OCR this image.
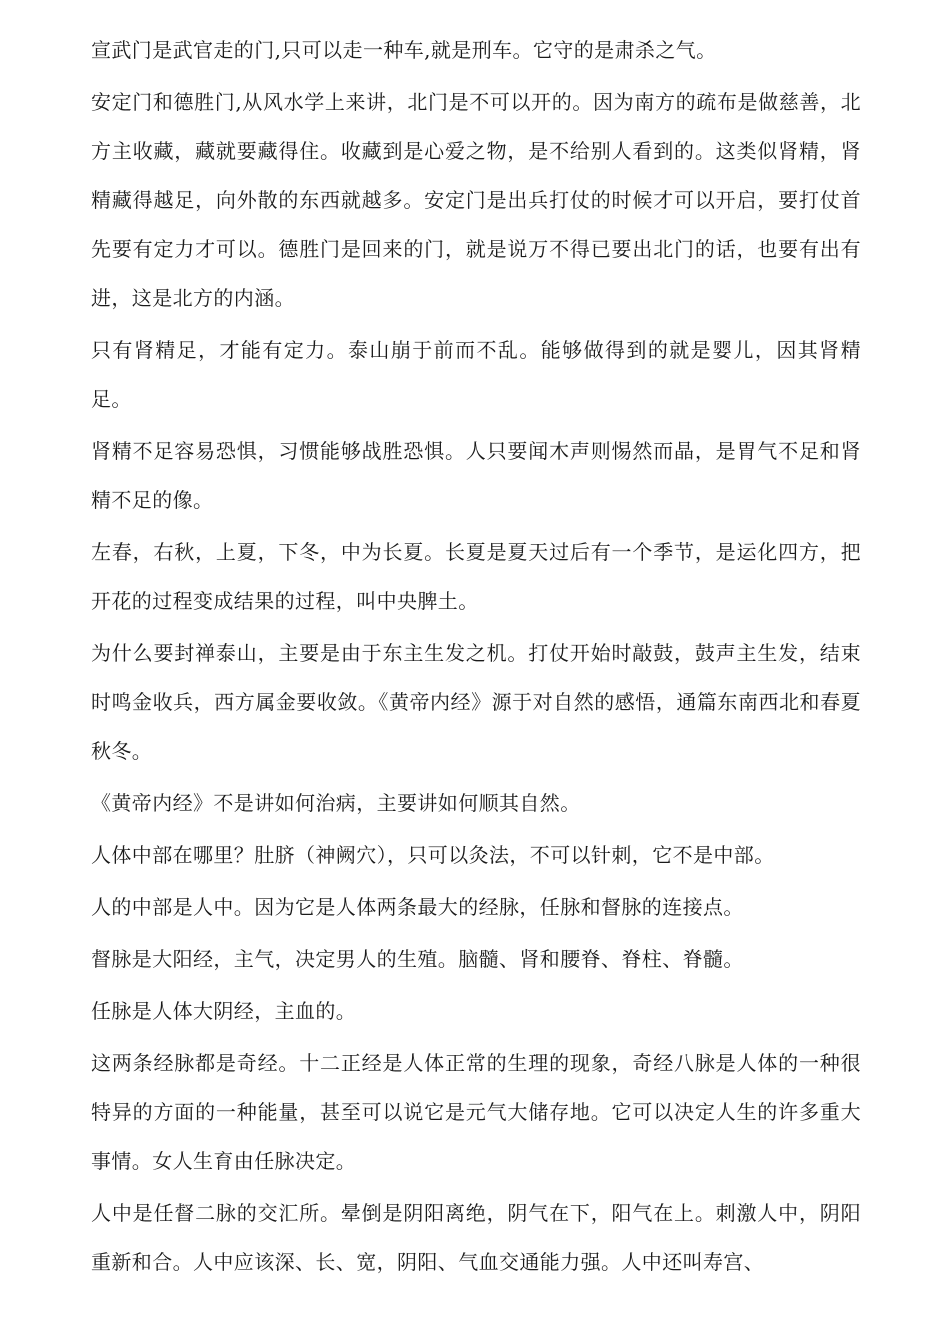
宣武门是武官走的门,只可以走一种车,就是刑车。它守的是肃杀之气。

安定门和德胜门,从风水学上来讲，北门是不可以开的。因为南方的疏布是做慈善，北方主收藏，藏就要藏得住。收藏到是心爱之物，是不给别人看到的。这类似肾精，肾精藏得越足，向外散的东西就越多。安定门是出兵打仗的时候才可以开启，要打仗首先要有定力才可以。德胜门是回来的门，就是说万不得已要出北门的话，也要有出有进，这是北方的内涵。

只有肾精足，才能有定力。泰山崩于前而不乱。能够做得到的就是婴儿，因其肾精足。

肾精不足容易恐惧，习惯能够战胜恐惧。人只要闻木声则惕然而晶，是胃气不足和肾精不足的像。

左春，右秋，上夏，下冬，中为长夏。长夏是夏天过后有一个季节，是运化四方，把开花的过程变成结果的过程，叫中央脾土。

为什么要封禅泰山，主要是由于东主生发之机。打仗开始时敲鼓，鼓声主生发，结束时鸣金收兵，西方属金要收敛。《黄帝内经》源于对自然的感悟，通篇东南西北和春夏秋冬。

《黄帝内经》不是讲如何治病，主要讲如何顺其自然。

人体中部在哪里？肚脐（神阙穴），只可以灸法，不可以针刺，它不是中部。

人的中部是人中。因为它是人体两条最大的经脉，任脉和督脉的连接点。

督脉是大阳经，主气，决定男人的生殖。脑髓、肾和腰脊、脊柱、脊髓。

任脉是人体大阴经，主血的。

这两条经脉都是奇经。十二正经是人体正常的生理的现象，奇经八脉是人体的一种很特异的方面的一种能量，甚至可以说它是元气大储存地。它可以决定人生的许多重大事情。女人生育由任脉决定。

人中是任督二脉的交汇所。晕倒是阴阳离绝，阴气在下，阳气在上。刺激人中，阴阳重新和合。人中应该深、长、宽，阴阳、气血交通能力强。人中还叫寿宫、
